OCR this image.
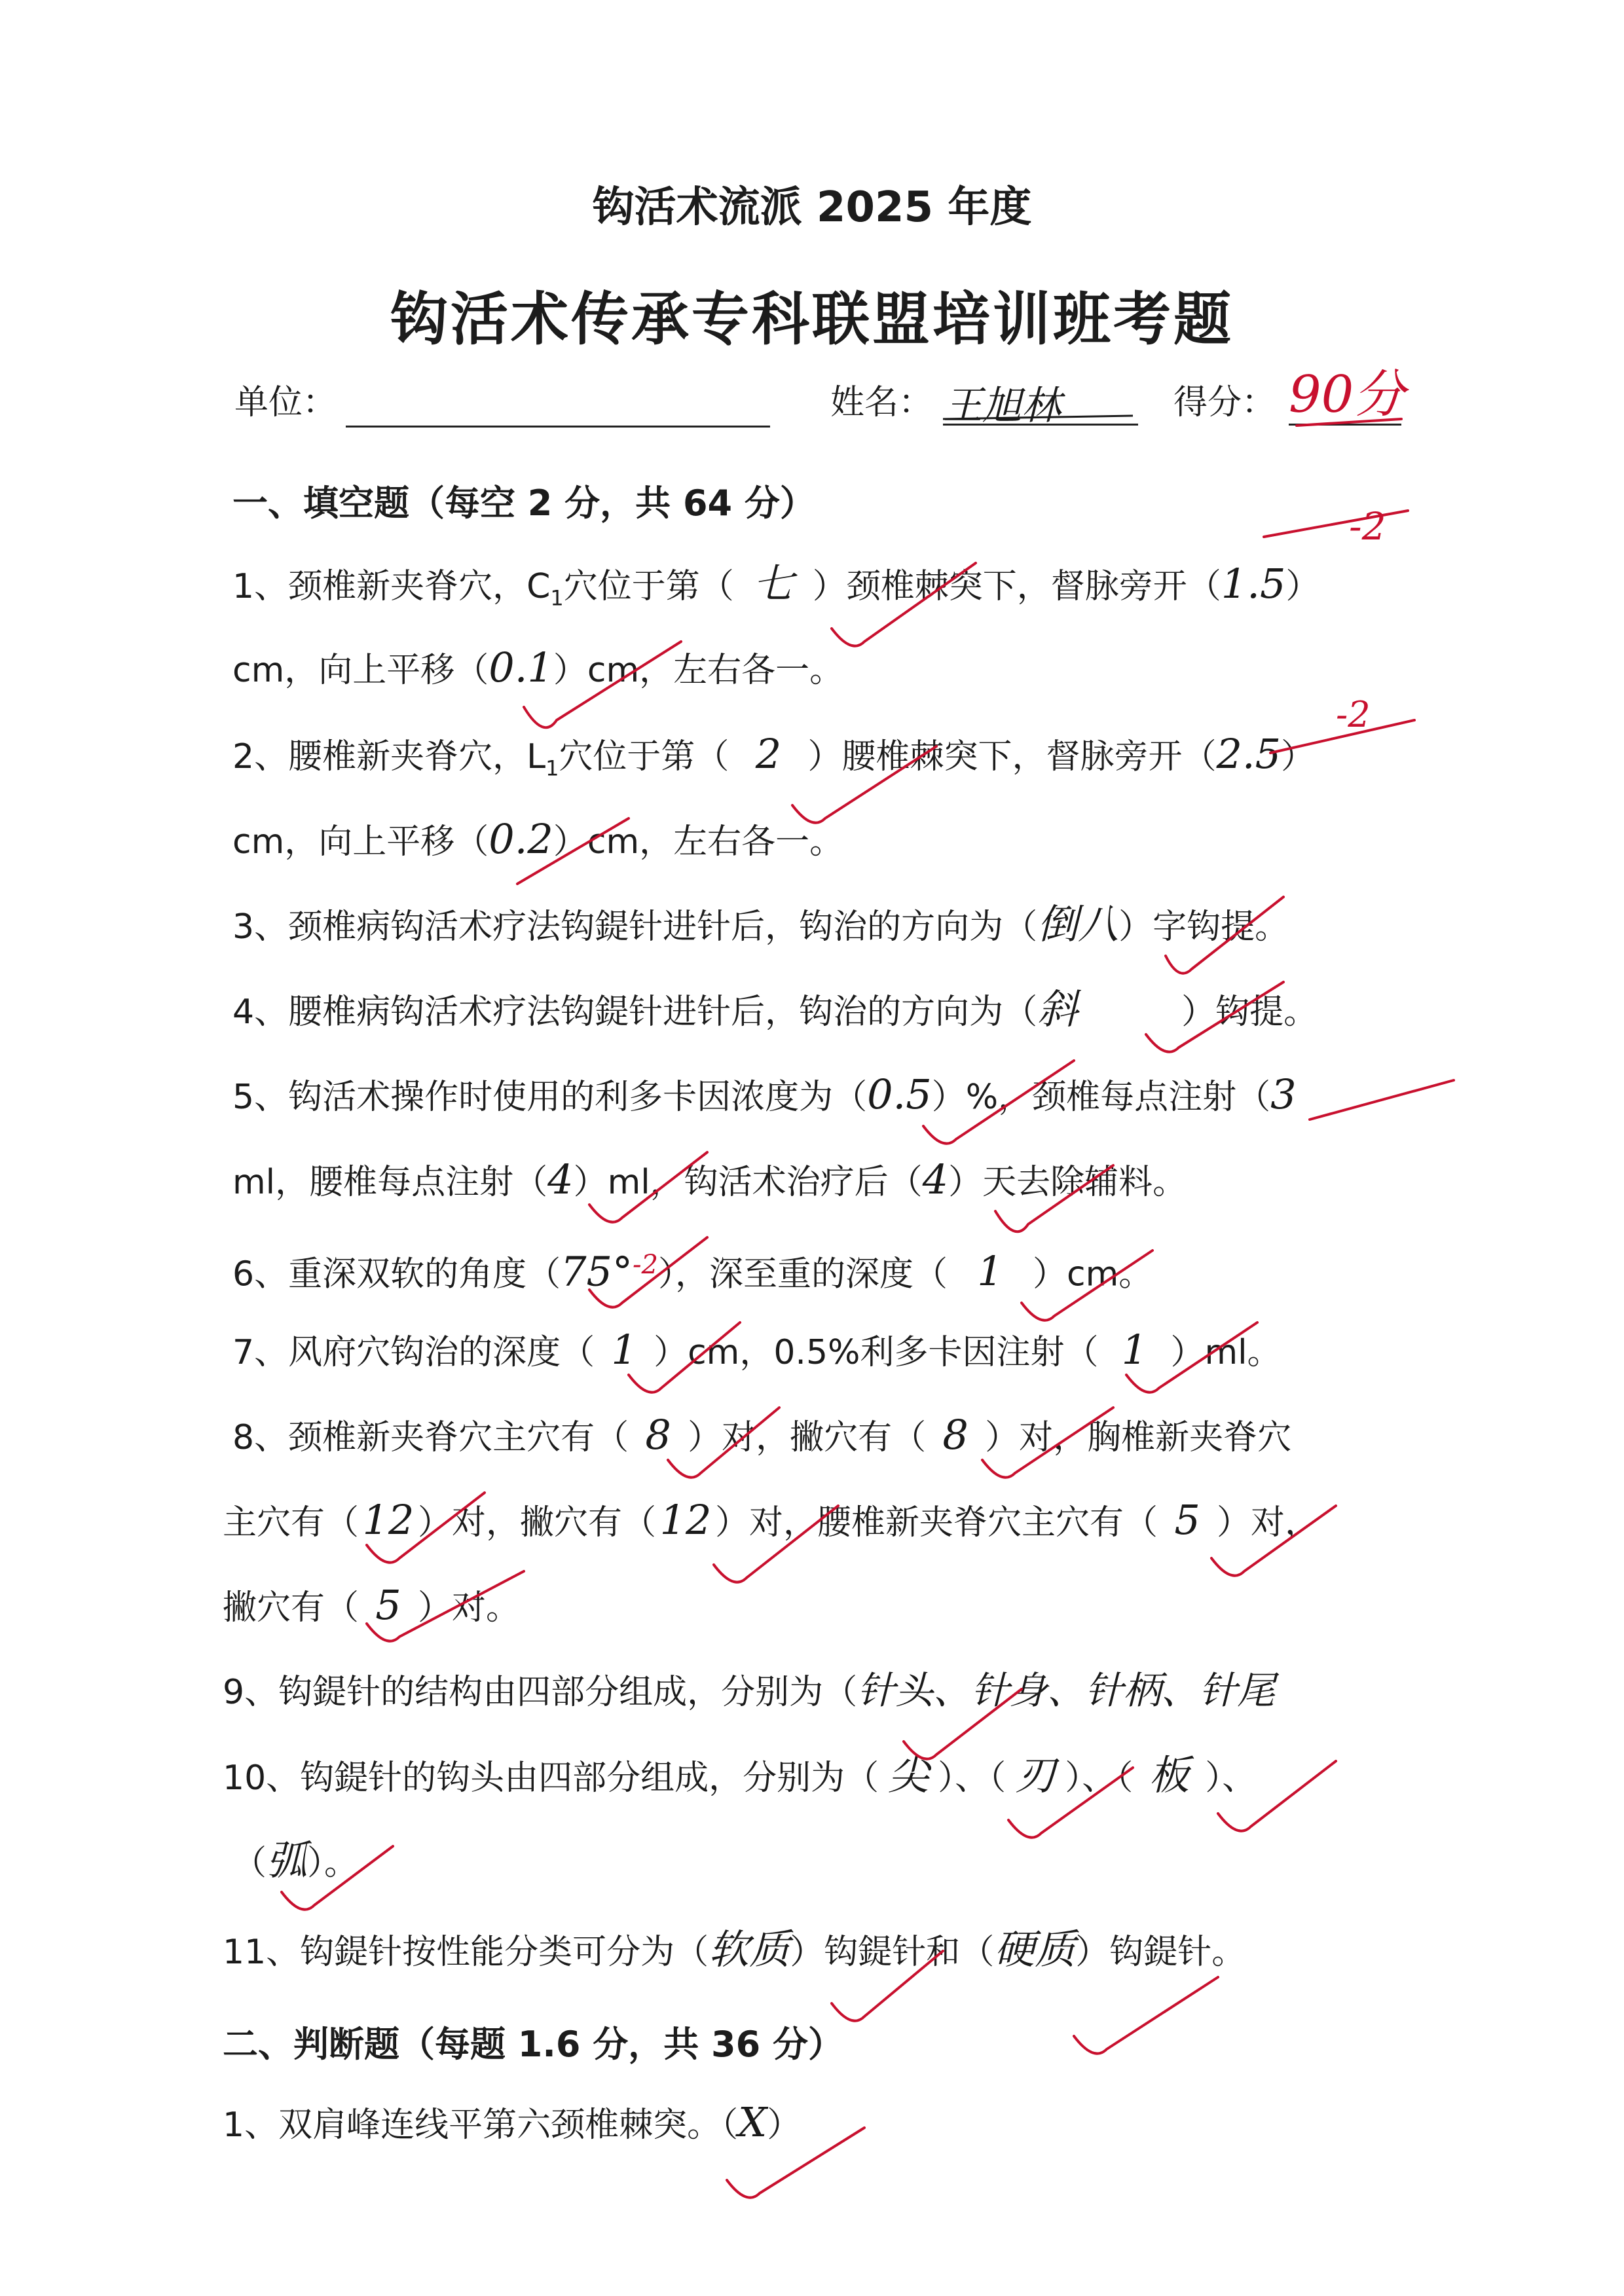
钩活术流派 2025 年度
钩活术传承专科联盟培训班考题
单位：	姓名： 王旭林	得分： 90分
一、填空题（每空 2 分，共 64 分）
1、颈椎新夹脊穴，$C_1$穴位于第（ 七 ）颈椎棘突下，督脉旁开（1.5）
-2
cm，向上平移（0.1）cm，左右各一。
2、腰椎新夹脊穴，$L_1$穴位于第（ 2 ）腰椎棘突下，督脉旁开（2.5）
-2
cm，向上平移（0.2）cm，左右各一。
3、颈椎病钩活术疗法钩鍉针进针后，钩治的方向为（倒八）字钩提。
4、腰椎病钩活术疗法钩鍉针进针后，钩治的方向为（斜	）钩提。
5、钩活术操作时使用的利多卡因浓度为（0.5）%，颈椎每点注射（3
ml，腰椎每点注射（4）ml，钩活术治疗后（4）天去除辅料。
6、重深双软的角度（75°$^{-2}$），深至重的深度（ 1 ）cm。
7、风府穴钩治的深度（ 1 ）cm，0.5%利多卡因注射（ 1 ）ml。
8、颈椎新夹脊穴主穴有（ 8 ）对，撇穴有（ 8 ）对，胸椎新夹脊穴
主穴有（12 ）对，撇穴有（12 ）对，腰椎新夹脊穴主穴有（ 5 ）对，
撇穴有（ 5 ）对。
9、钩鍉针的结构由四部分组成，分别为（针头、针身、针柄、针尾
10、钩鍉针的钩头由四部分组成，分别为（ 尖 ）、（ 刃 ）、（ 板 ）、
（弧）。
11、钩鍉针按性能分类可分为（软质）钩鍉针和（硬质）钩鍉针。
二、判断题（每题 1.6 分，共 36 分）
1、双肩峰连线平第六颈椎棘突。（X）
